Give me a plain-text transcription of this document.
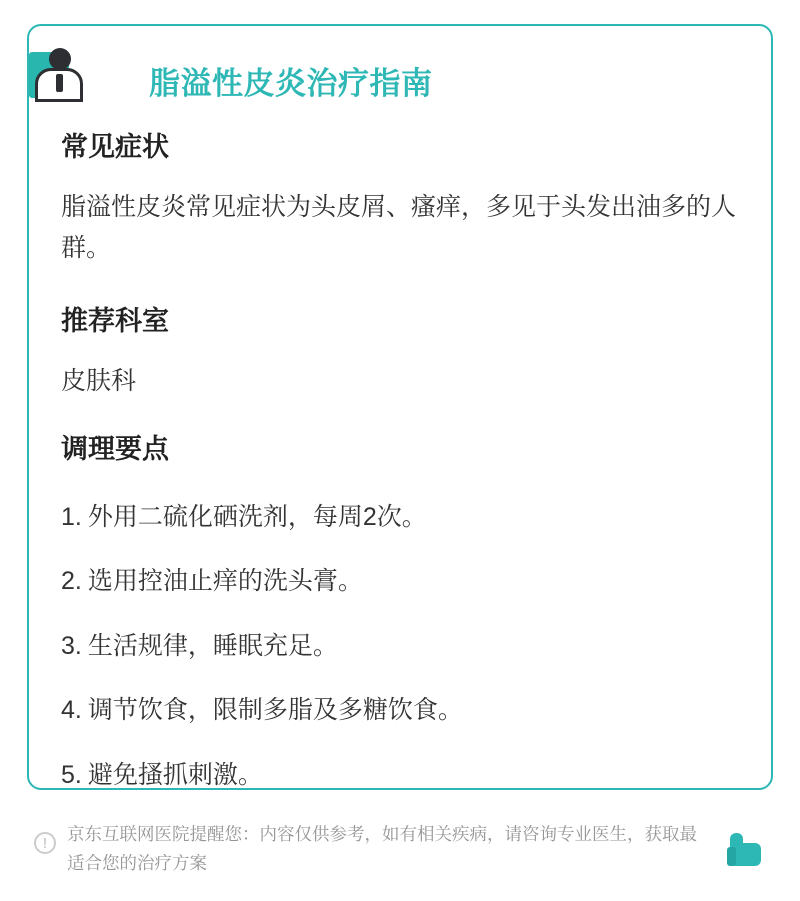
脂溢性皮炎治疗指南
常见症状

脂溢性皮炎常见症状为头皮屑、瘙痒，多见于头发出油多的人群。

推荐科室

皮肤科

调理要点
1. 外用二硫化硒洗剂，每周2次。
2. 选用控油止痒的洗头膏。
3. 生活规律，睡眠充足。
4. 调节饮食，限制多脂及多糖饮食。
5. 避免搔抓刺激。
!	京东互联网医院提醒您：内容仅供参考，如有相关疾病，请咨询专业医生，获取最适合您的治疗方案
